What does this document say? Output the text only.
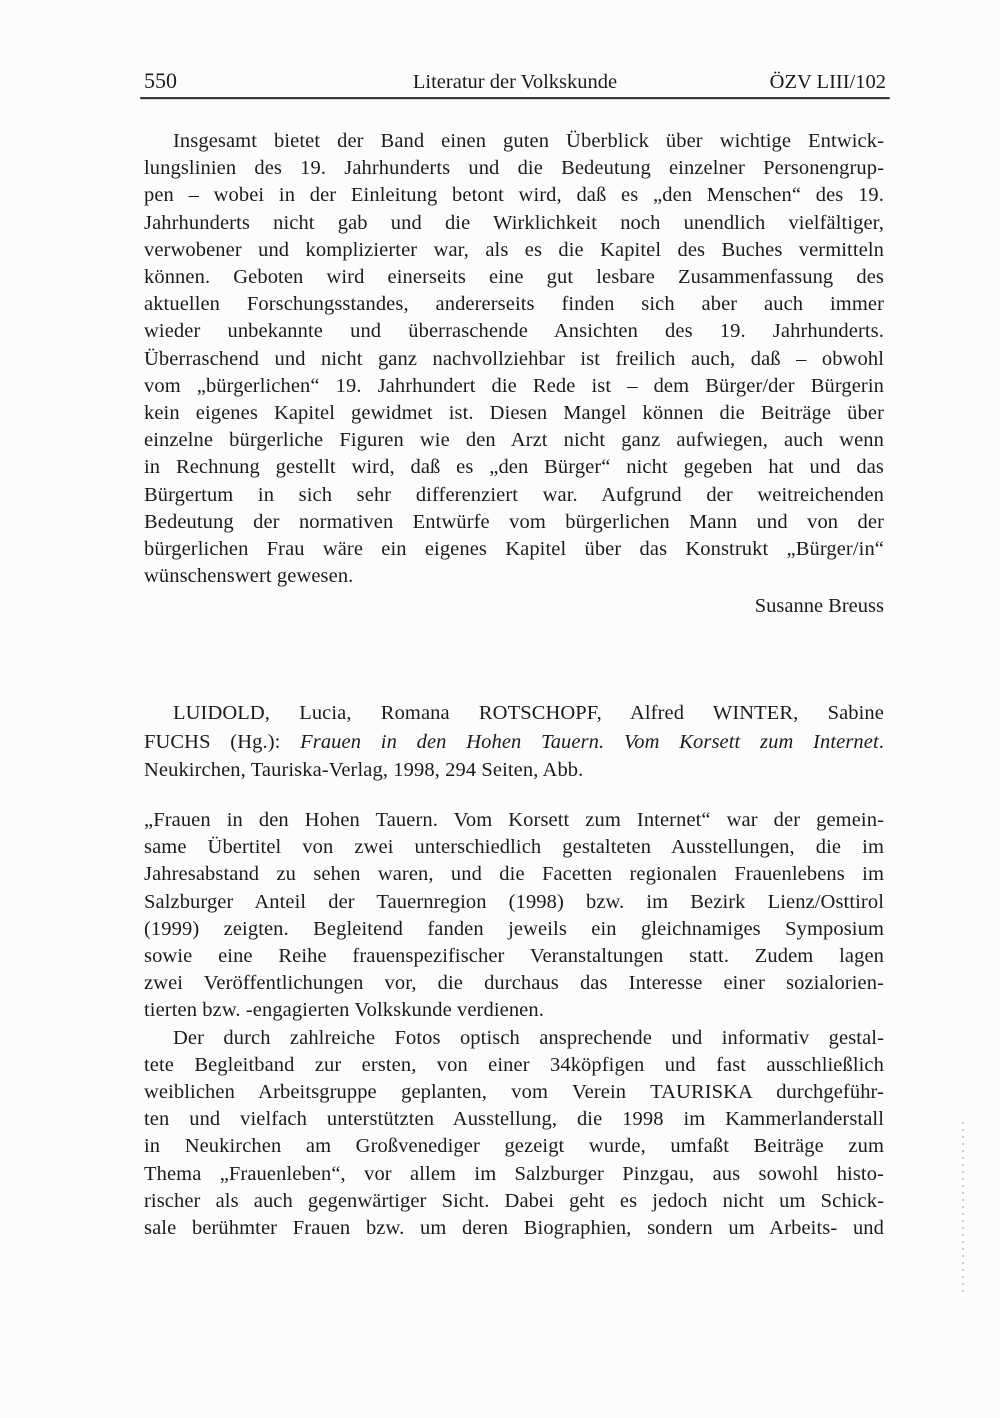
550	Literatur der Volkskunde	ÖZV LIII/102
Insgesamt bietet der Band einen guten Überblick über wichtige Entwick-
lungslinien des 19. Jahrhunderts und die Bedeutung einzelner Personengrup-
pen – wobei in der Einleitung betont wird, daß es „den Menschen“ des 19.
Jahrhunderts nicht gab und die Wirklichkeit noch unendlich vielfältiger,
verwobener und komplizierter war, als es die Kapitel des Buches vermitteln
können. Geboten wird einerseits eine gut lesbare Zusammenfassung des
aktuellen Forschungsstandes, andererseits finden sich aber auch immer
wieder unbekannte und überraschende Ansichten des 19. Jahrhunderts.
Überraschend und nicht ganz nachvollziehbar ist freilich auch, daß – obwohl
vom „bürgerlichen“ 19. Jahrhundert die Rede ist – dem Bürger/der Bürgerin
kein eigenes Kapitel gewidmet ist. Diesen Mangel können die Beiträge über
einzelne bürgerliche Figuren wie den Arzt nicht ganz aufwiegen, auch wenn
in Rechnung gestellt wird, daß es „den Bürger“ nicht gegeben hat und das
Bürgertum in sich sehr differenziert war. Aufgrund der weitreichenden
Bedeutung der normativen Entwürfe vom bürgerlichen Mann und von der
bürgerlichen Frau wäre ein eigenes Kapitel über das Konstrukt „Bürger/in“
wünschenswert gewesen.
Susanne Breuss
LUIDOLD, Lucia, Romana ROTSCHOPF, Alfred WINTER, Sabine
FUCHS (Hg.): Frauen in den Hohen Tauern. Vom Korsett zum Internet.
Neukirchen, Tauriska-Verlag, 1998, 294 Seiten, Abb.
„Frauen in den Hohen Tauern. Vom Korsett zum Internet“ war der gemein-
same Übertitel von zwei unterschiedlich gestalteten Ausstellungen, die im
Jahresabstand zu sehen waren, und die Facetten regionalen Frauenlebens im
Salzburger Anteil der Tauernregion (1998) bzw. im Bezirk Lienz/Osttirol
(1999) zeigten. Begleitend fanden jeweils ein gleichnamiges Symposium
sowie eine Reihe frauenspezifischer Veranstaltungen statt. Zudem lagen
zwei Veröffentlichungen vor, die durchaus das Interesse einer sozialorien-
tierten bzw. -engagierten Volkskunde verdienen.
Der durch zahlreiche Fotos optisch ansprechende und informativ gestal-
tete Begleitband zur ersten, von einer 34köpfigen und fast ausschließlich
weiblichen Arbeitsgruppe geplanten, vom Verein TAURISKA durchgeführ-
ten und vielfach unterstützten Ausstellung, die 1998 im Kammerlanderstall
in Neukirchen am Großvenediger gezeigt wurde, umfaßt Beiträge zum
Thema „Frauenleben“, vor allem im Salzburger Pinzgau, aus sowohl histo-
rischer als auch gegenwärtiger Sicht. Dabei geht es jedoch nicht um Schick-
sale berühmter Frauen bzw. um deren Biographien, sondern um Arbeits- und
